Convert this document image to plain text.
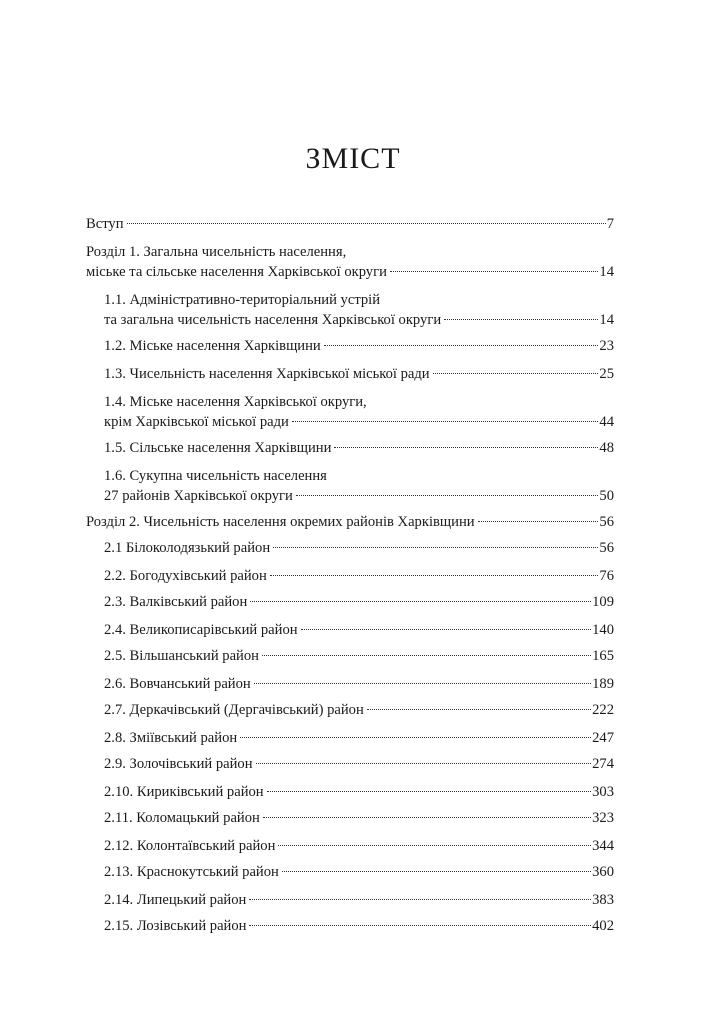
ЗМІСТ
Вступ	7
Розділ 1. Загальна чисельність населення,
міське та сільське населення Харківської округи	14
1.1. Адміністративно-територіальний устрій
та загальна чисельність населення Харківської округи	14
1.2. Міське населення Харківщини	23
1.3. Чисельність населення Харківської міської ради	25
1.4. Міське населення Харківської округи,
крім Харківської міської ради	44
1.5. Сільське населення Харківщини	48
1.6. Сукупна чисельність населення
27 районів Харківської округи	50
Розділ 2. Чисельність населення окремих районів Харківщини	56
2.1 Білоколодязький район	56
2.2. Богодухівський район	76
2.3. Валківський район	109
2.4. Великописарівський район	140
2.5. Вільшанський район	165
2.6. Вовчанський район	189
2.7. Деркачівський (Дергачівський) район	222
2.8. Зміївський район	247
2.9. Золочівський район	274
2.10. Кириківський район	303
2.11. Коломацький район	323
2.12. Колонтаївський район	344
2.13. Краснокутський район	360
2.14. Липецький район	383
2.15. Лозівський район	402
